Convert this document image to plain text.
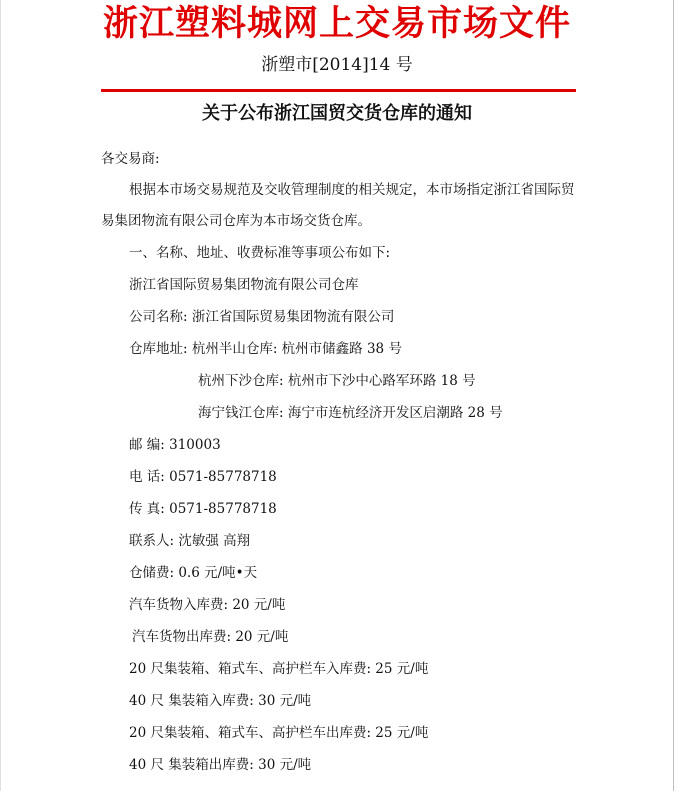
浙江塑料城网上交易市场文件
浙塑市[2014]14 号
关于公布浙江国贸交货仓库的通知
各交易商:
根据本市场交易规范及交收管理制度的相关规定，本市场指定浙江省国际贸
易集团物流有限公司仓库为本市场交货仓库。
一、名称、地址、收费标准等事项公布如下:
浙江省国际贸易集团物流有限公司仓库
公司名称: 浙江省国际贸易集团物流有限公司
仓库地址: 杭州半山仓库: 杭州市储鑫路 38 号
杭州下沙仓库: 杭州市下沙中心路军环路 18 号
海宁钱江仓库: 海宁市连杭经济开发区启潮路 28 号
邮 编: 310003
电 话: 0571-85778718
传 真: 0571-85778718
联系人: 沈敏强 高翔
仓储费: 0.6 元/吨•天
汽车货物入库费: 20 元/吨
汽车货物出库费: 20 元/吨
20 尺集装箱、箱式车、高护栏车入库费: 25 元/吨
40 尺 集装箱入库费: 30 元/吨
20 尺集装箱、箱式车、高护栏车出库费: 25 元/吨
40 尺 集装箱出库费: 30 元/吨
